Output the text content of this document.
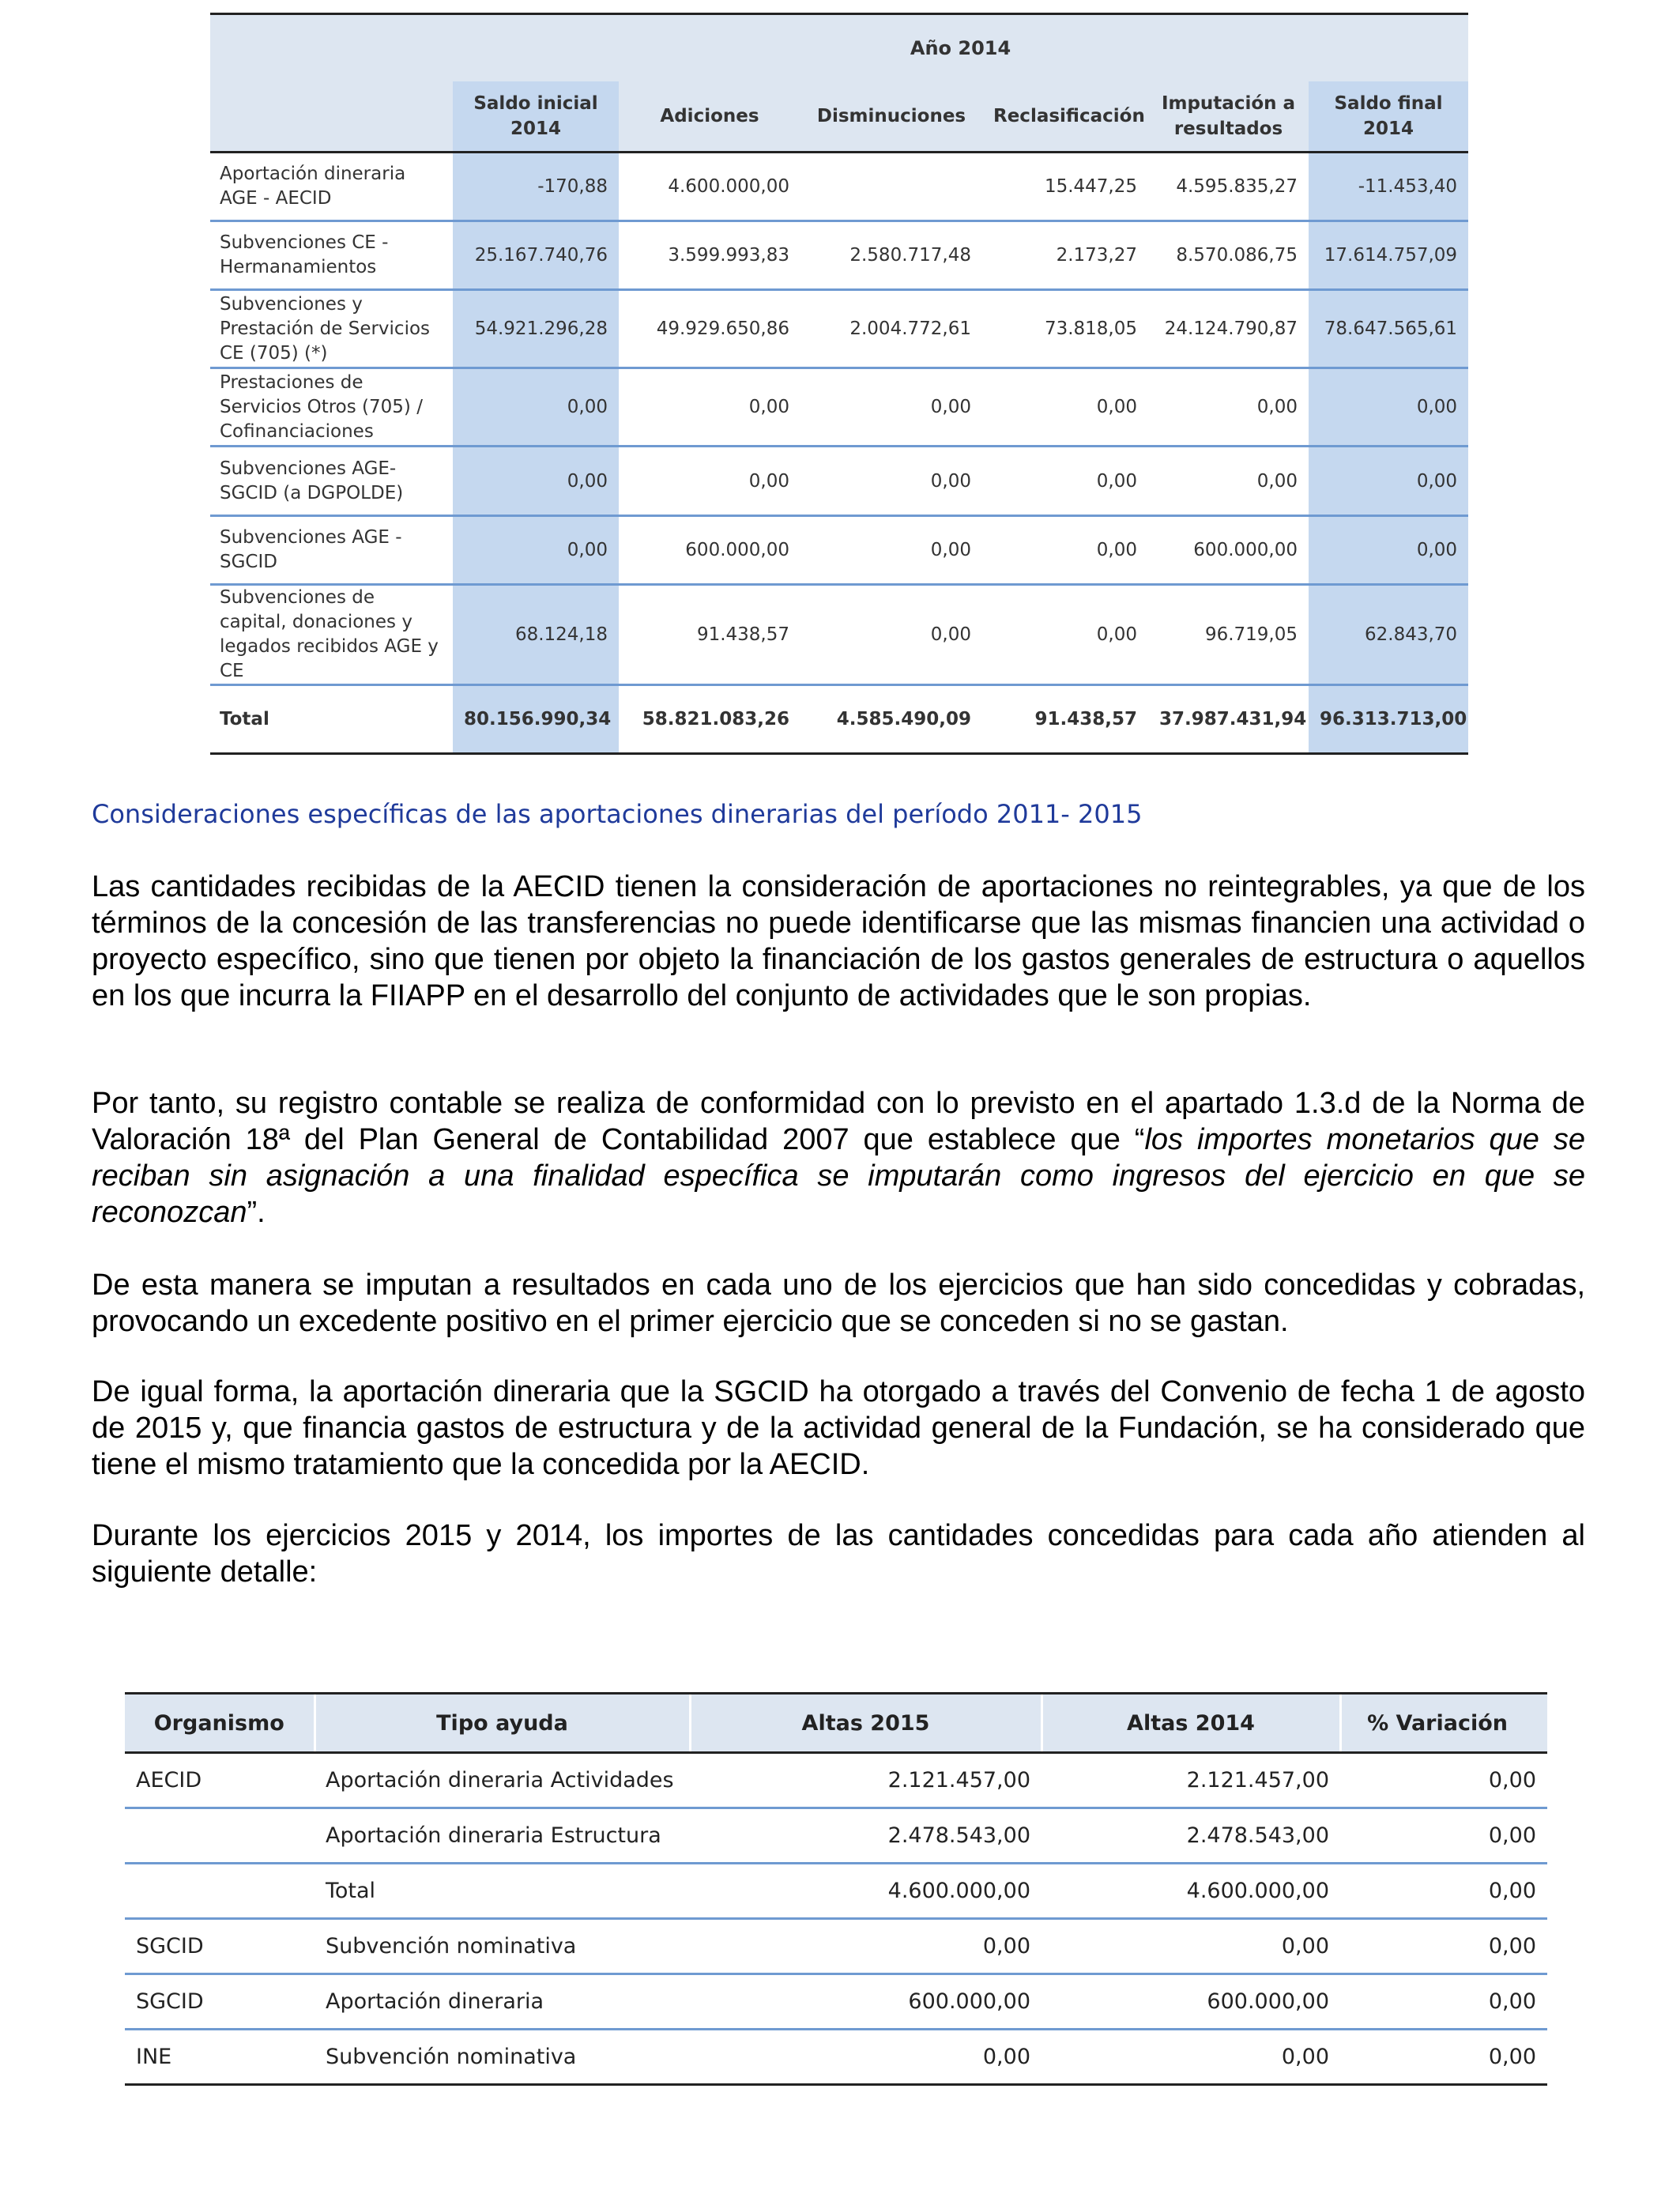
	Año 2014					
	Saldo inicial 2014	Adiciones	Disminuciones	Reclasificación	Imputación a resultados	Saldo final 2014
Aportación dineraria AGE - AECID	-170,88	4.600.000,00		15.447,25	4.595.835,27	-11.453,40
Subvenciones CE - Hermanamientos	25.167.740,76	3.599.993,83	2.580.717,48	2.173,27	8.570.086,75	17.614.757,09
Subvenciones y Prestación de Servicios CE (705) (*)	54.921.296,28	49.929.650,86	2.004.772,61	73.818,05	24.124.790,87	78.647.565,61
Prestaciones de Servicios Otros (705) / Cofinanciaciones	0,00	0,00	0,00	0,00	0,00	0,00
Subvenciones AGE-SGCID (a DGPOLDE)	0,00	0,00	0,00	0,00	0,00	0,00
Subvenciones AGE - SGCID	0,00	600.000,00	0,00	0,00	600.000,00	0,00
Subvenciones de capital, donaciones y legados recibidos AGE y CE	68.124,18	91.438,57	0,00	0,00	96.719,05	62.843,70
Total	80.156.990,34	58.821.083,26	4.585.490,09	91.438,57	37.987.431,94	96.313.713,00
Consideraciones específicas de las aportaciones dinerarias del período 2011- 2015

Las cantidades recibidas de la AECID tienen la consideración de aportaciones no reintegrables, ya que de los términos de la concesión de las transferencias no puede identificarse que las mismas financien una actividad o proyecto específico, sino que tienen por objeto la financiación de los gastos generales de estructura o aquellos en los que incurra la FIIAPP en el desarrollo del conjunto de actividades que le son propias.

Por tanto, su registro contable se realiza de conformidad con lo previsto en el apartado 1.3.d de la Norma de Valoración 18ª del Plan General de Contabilidad 2007 que establece que “los importes monetarios que se reciban sin asignación a una finalidad específica se imputarán como ingresos del ejercicio en que se reconozcan”.

De esta manera se imputan a resultados en cada uno de los ejercicios que han sido concedidas y cobradas, provocando un excedente positivo en el primer ejercicio que se conceden si no se gastan.

De igual forma, la aportación dineraria que la SGCID ha otorgado a través del Convenio de fecha 1 de agosto de 2015 y, que financia gastos de estructura y de la actividad general de la Fundación, se ha considerado que tiene el mismo tratamiento que la concedida por la AECID.

Durante los ejercicios 2015 y 2014, los importes de las cantidades concedidas para cada año atienden al siguiente detalle:

Organismo	Tipo ayuda	Altas 2015	Altas 2014	% Variación
AECID	Aportación dineraria Actividades	2.121.457,00	2.121.457,00	0,00
	Aportación dineraria Estructura	2.478.543,00	2.478.543,00	0,00
	Total	4.600.000,00	4.600.000,00	0,00
SGCID	Subvención nominativa	0,00	0,00	0,00
SGCID	Aportación dineraria	600.000,00	600.000,00	0,00
INE	Subvención nominativa	0,00	0,00	0,00
